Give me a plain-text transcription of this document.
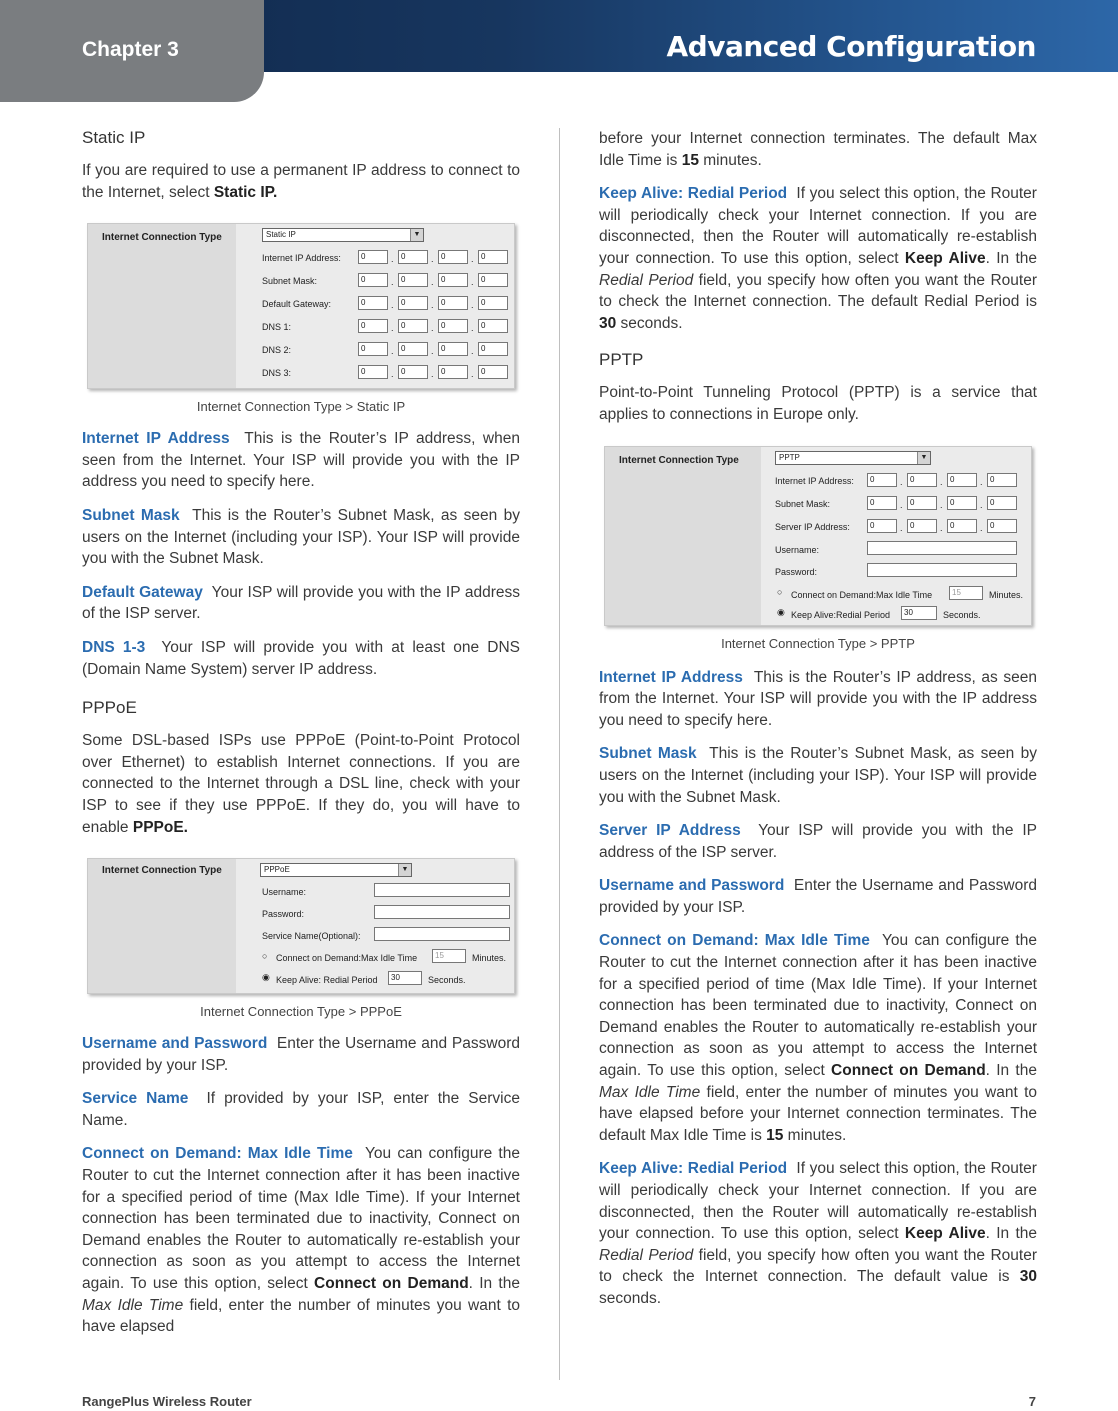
Chapter 3	Advanced Configuration
Static IP

If you are required to use a permanent IP address to connect to the Internet, select Static IP.

Internet Connection Type	Static IP	▼
Internet IP Address:	0	. 0	. 0	. 0
Subnet Mask:	0	. 0	. 0	. 0
Default Gateway:	0	. 0	. 0	. 0
DNS 1:	0	. 0	. 0	. 0
DNS 2:	0	. 0	. 0	. 0
DNS 3:	0	. 0	. 0	. 0
Internet Connection Type > Static IP

Internet IP Address This is the Router’s IP address, when seen from the Internet. Your ISP will provide you with the IP address you need to specify here.

Subnet Mask This is the Router’s Subnet Mask, as seen by users on the Internet (including your ISP). Your ISP will provide you with the Subnet Mask.

Default Gateway Your ISP will provide you with the IP address of the ISP server.

DNS 1-3 Your ISP will provide you with at least one DNS (Domain Name System) server IP address.

PPPoE

Some DSL-based ISPs use PPPoE (Point-to-Point Protocol over Ethernet) to establish Internet connections. If you are connected to the Internet through a DSL line, check with your ISP to see if they use PPPoE. If they do, you will have to enable PPPoE.

Internet Connection Type	PPPoE	▼
Username:
Password:
Service Name(Optional):
○ Connect on Demand:Max Idle Time	15	Minutes.
◉ Keep Alive: Redial Period	30	Seconds.
Internet Connection Type > PPPoE

Username and Password Enter the Username and Password provided by your ISP.

Service Name If provided by your ISP, enter the Service Name.

Connect on Demand: Max Idle Time You can configure the Router to cut the Internet connection after it has been inactive for a specified period of time (Max Idle Time). If your Internet connection has been terminated due to inactivity, Connect on Demand enables the Router to automatically re-establish your connection as soon as you attempt to access the Internet again. To use this option, select Connect on Demand. In the Max Idle Time field, enter the number of minutes you want to have elapsed

before your Internet connection terminates. The default Max Idle Time is 15 minutes.

Keep Alive: Redial Period If you select this option, the Router will periodically check your Internet connection. If you are disconnected, then the Router will automatically re-establish your connection. To use this option, select Keep Alive. In the Redial Period field, you specify how often you want the Router to check the Internet connection. The default Redial Period is 30 seconds.

PPTP

Point-to-Point Tunneling Protocol (PPTP) is a service that applies to connections in Europe only.

Internet Connection Type	PPTP	▼
Internet IP Address:	0	. 0	. 0	. 0
Subnet Mask:	0	. 0	. 0	. 0
Server IP Address:	0	. 0	. 0	. 0
Username:
Password:
○ Connect on Demand:Max Idle Time	15	Minutes.
◉ Keep Alive:Redial Period	30	Seconds.
Internet Connection Type > PPTP

Internet IP Address This is the Router’s IP address, as seen from the Internet. Your ISP will provide you with the IP address you need to specify here.

Subnet Mask This is the Router’s Subnet Mask, as seen by users on the Internet (including your ISP). Your ISP will provide you with the Subnet Mask.

Server IP Address Your ISP will provide you with the IP address of the ISP server.

Username and Password Enter the Username and Password provided by your ISP.

Connect on Demand: Max Idle Time You can configure the Router to cut the Internet connection after it has been inactive for a specified period of time (Max Idle Time). If your Internet connection has been terminated due to inactivity, Connect on Demand enables the Router to automatically re-establish your connection as soon as you attempt to access the Internet again. To use this option, select Connect on Demand. In the Max Idle Time field, enter the number of minutes you want to have elapsed before your Internet connection terminates. The default Max Idle Time is 15 minutes.

Keep Alive: Redial Period If you select this option, the Router will periodically check your Internet connection. If you are disconnected, then the Router will automatically re-establish your connection. To use this option, select Keep Alive. In the Redial Period field, you specify how often you want the Router to check the Internet connection. The default value is 30 seconds.

RangePlus Wireless Router	7
